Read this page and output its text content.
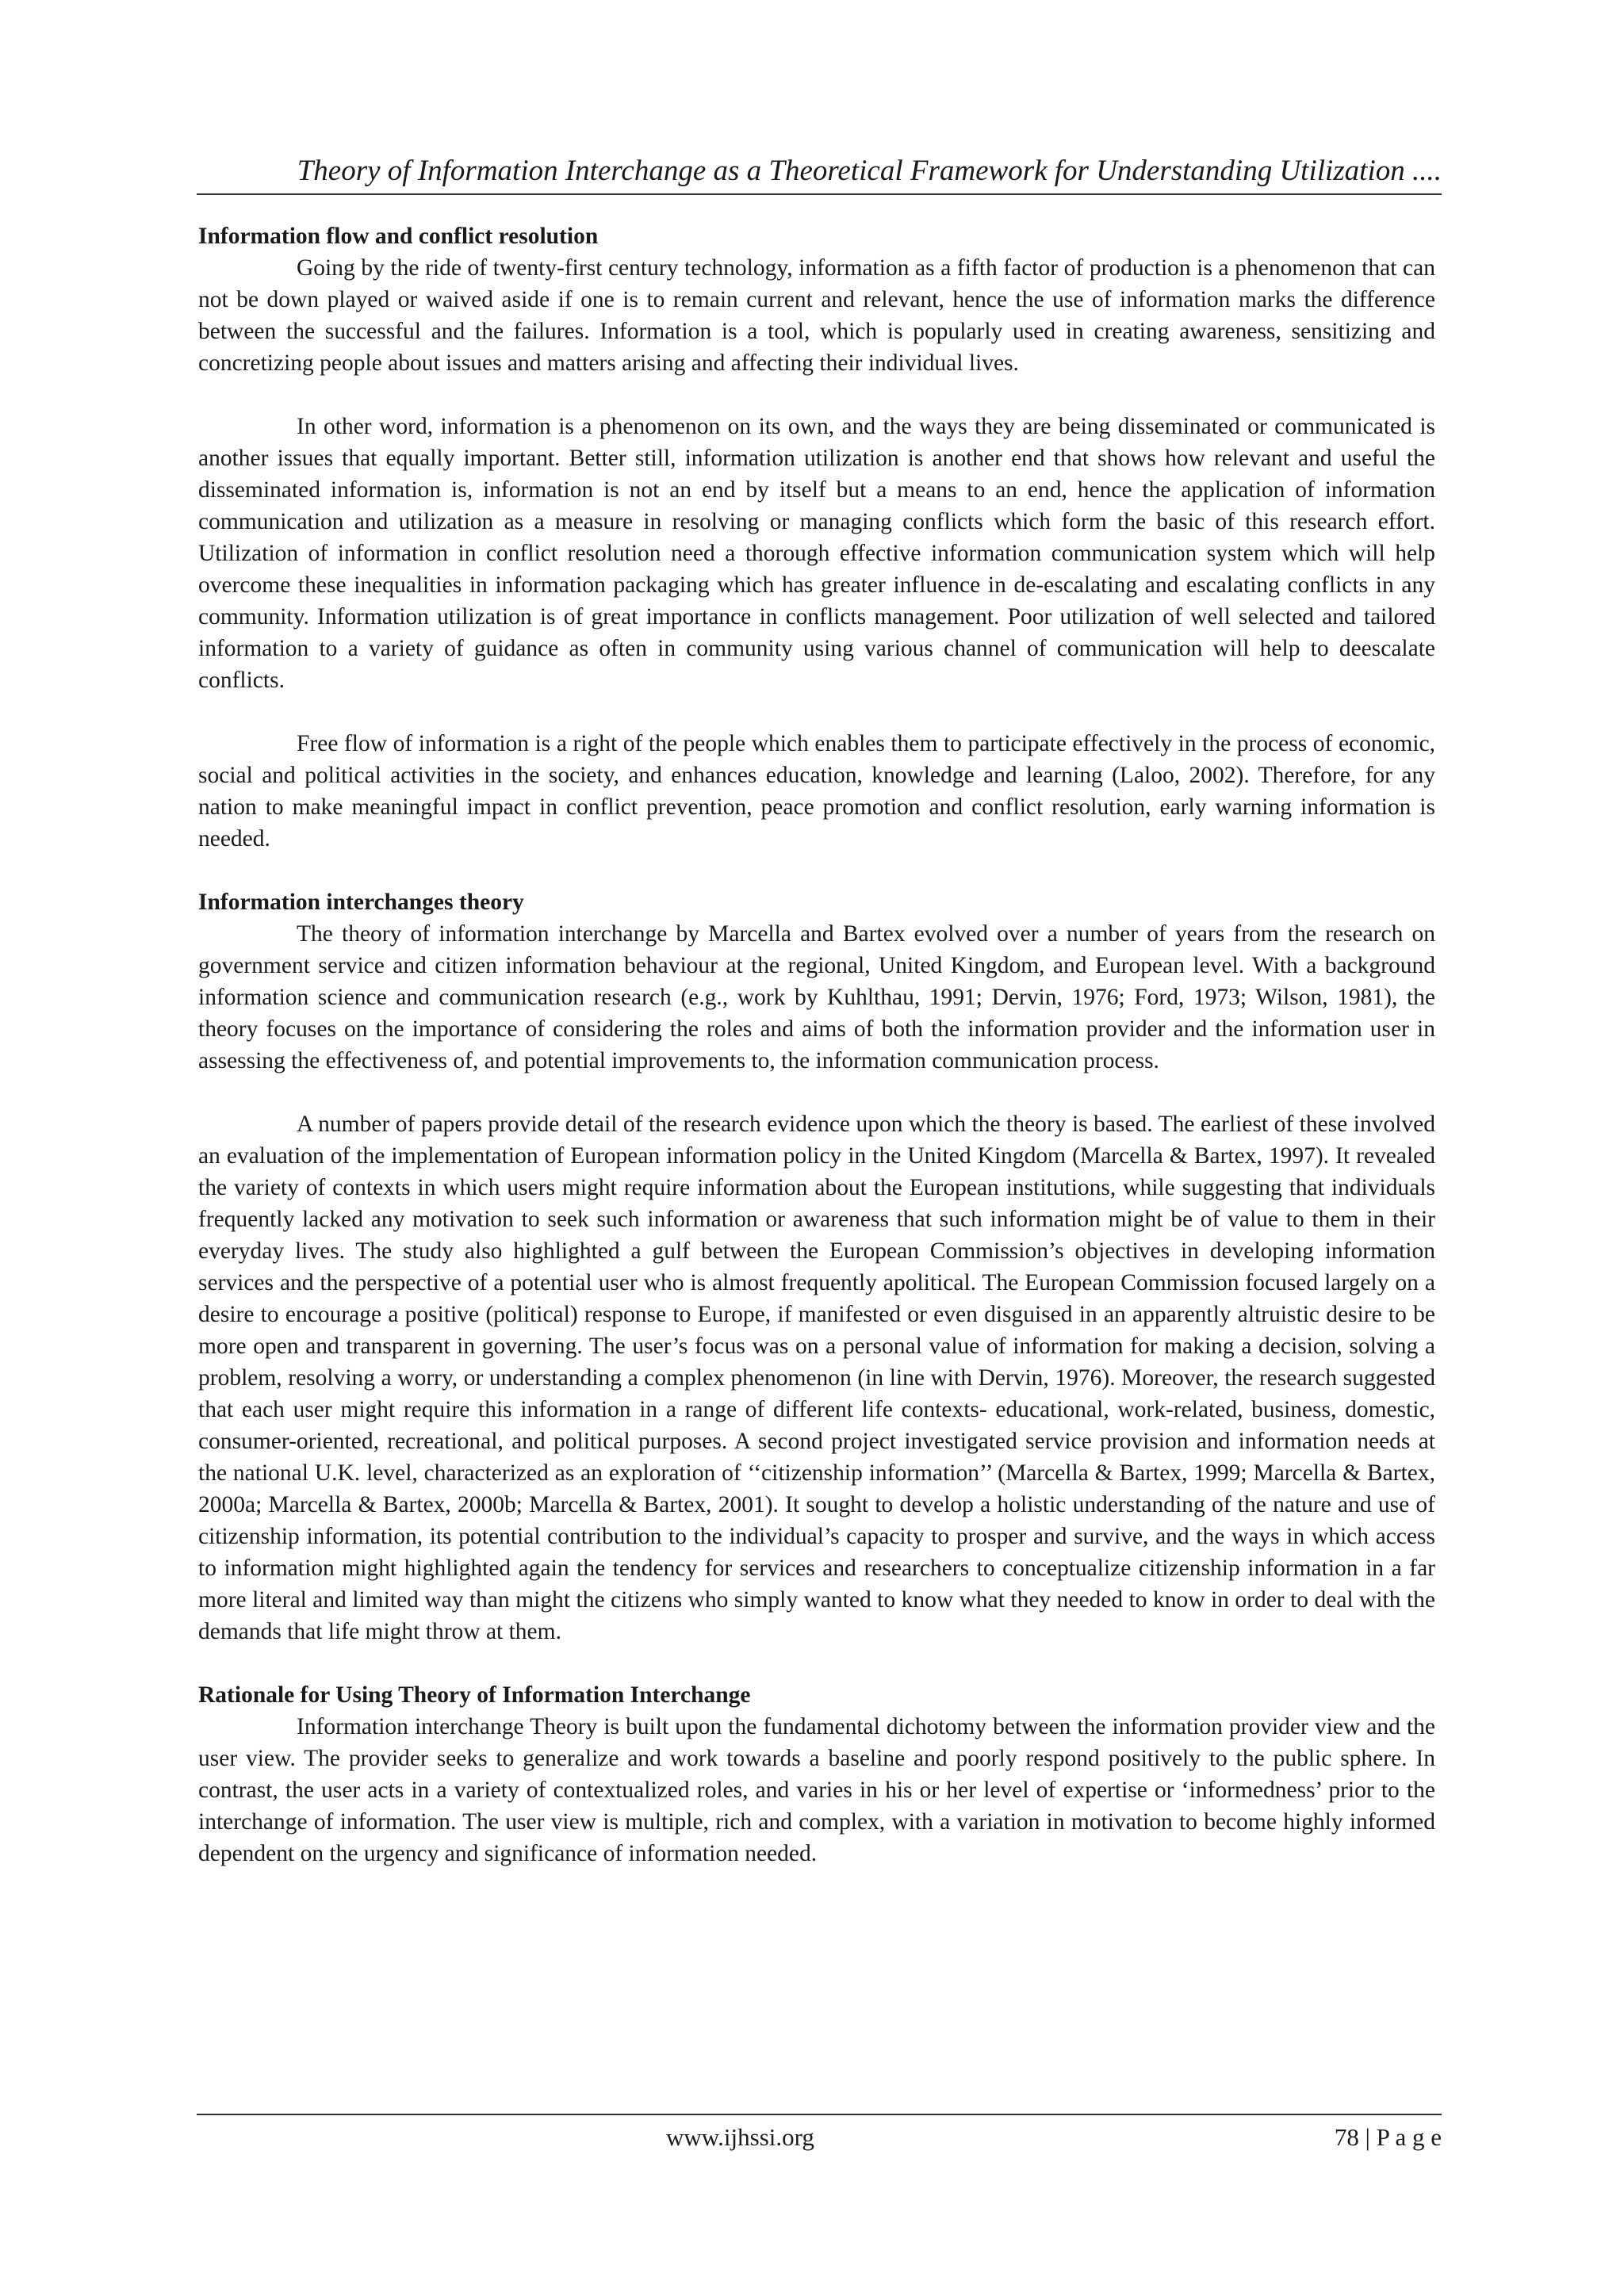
Theory of Information Interchange as a Theoretical Framework for Understanding Utilization ....
Information flow and conflict resolution

Going by the ride of twenty-first century technology, information as a fifth factor of production is a phenomenon that can not be down played or waived aside if one is to remain current and relevant, hence the use of information marks the difference between the successful and the failures. Information is a tool, which is popularly used in creating awareness, sensitizing and concretizing people about issues and matters arising and affecting their individual lives.

In other word, information is a phenomenon on its own, and the ways they are being disseminated or communicated is another issues that equally important. Better still, information utilization is another end that shows how relevant and useful the disseminated information is, information is not an end by itself but a means to an end, hence the application of information communication and utilization as a measure in resolving or managing conflicts which form the basic of this research effort. Utilization of information in conflict resolution need a thorough effective information communication system which will help overcome these inequalities in information packaging which has greater influence in de-escalating and escalating conflicts in any community. Information utilization is of great importance in conflicts management. Poor utilization of well selected and tailored information to a variety of guidance as often in community using various channel of communication will help to deescalate conflicts.

Free flow of information is a right of the people which enables them to participate effectively in the process of economic, social and political activities in the society, and enhances education, knowledge and learning (Laloo, 2002). Therefore, for any nation to make meaningful impact in conflict prevention, peace promotion and conflict resolution, early warning information is needed.

Information interchanges theory

The theory of information interchange by Marcella and Bartex evolved over a number of years from the research on government service and citizen information behaviour at the regional, United Kingdom, and European level. With a background information science and communication research (e.g., work by Kuhlthau, 1991; Dervin, 1976; Ford, 1973; Wilson, 1981), the theory focuses on the importance of considering the roles and aims of both the information provider and the information user in assessing the effectiveness of, and potential improvements to, the information communication process.

A number of papers provide detail of the research evidence upon which the theory is based. The earliest of these involved an evaluation of the implementation of European information policy in the United Kingdom (Marcella & Bartex, 1997). It revealed the variety of contexts in which users might require information about the European institutions, while suggesting that individuals frequently lacked any motivation to seek such information or awareness that such information might be of value to them in their everyday lives. The study also highlighted a gulf between the European Commission’s objectives in developing information services and the perspective of a potential user who is almost frequently apolitical. The European Commission focused largely on a desire to encourage a positive (political) response to Europe, if manifested or even disguised in an apparently altruistic desire to be more open and transparent in governing. The user’s focus was on a personal value of information for making a decision, solving a problem, resolving a worry, or understanding a complex phenomenon (in line with Dervin, 1976). Moreover, the research suggested that each user might require this information in a range of different life contexts- educational, work-related, business, domestic, consumer-oriented, recreational, and political purposes. A second project investigated service provision and information needs at the national U.K. level, characterized as an exploration of ‘‘citizenship information’’ (Marcella & Bartex, 1999; Marcella & Bartex, 2000a; Marcella & Bartex, 2000b; Marcella & Bartex, 2001). It sought to develop a holistic understanding of the nature and use of citizenship information, its potential contribution to the individual’s capacity to prosper and survive, and the ways in which access to information might highlighted again the tendency for services and researchers to conceptualize citizenship information in a far more literal and limited way than might the citizens who simply wanted to know what they needed to know in order to deal with the demands that life might throw at them.

Rationale for Using Theory of Information Interchange

Information interchange Theory is built upon the fundamental dichotomy between the information provider view and the user view. The provider seeks to generalize and work towards a baseline and poorly respond positively to the public sphere. In contrast, the user acts in a variety of contextualized roles, and varies in his or her level of expertise or ‘informedness’ prior to the interchange of information. The user view is multiple, rich and complex, with a variation in motivation to become highly informed dependent on the urgency and significance of information needed.

www.ijhssi.org	78 | P a g e
